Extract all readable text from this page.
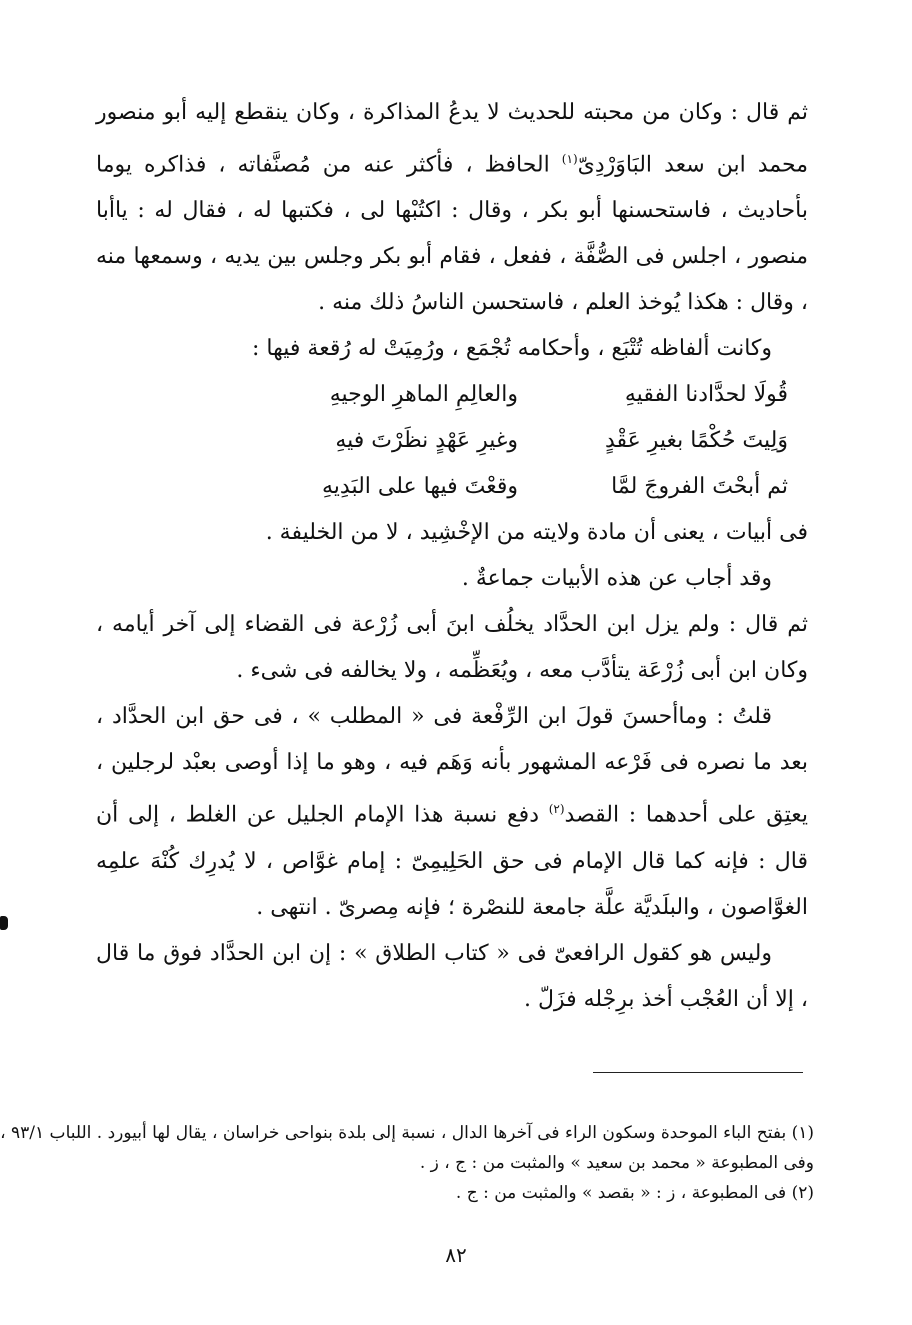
ثم قال : وكان من محبته للحديث لا يدعُ المذاكرة ، وكان ينقطع إليه أبو منصور محمد ابن سعد البَاوَرْدِىّ$^{(١)}$ الحافظ ، فأكثر عنه من مُصنَّفاته ، فذاكره يوما بأحاديث ، فاستحسنها أبو بكر ، وقال : اكتُبْها لى ، فكتبها له ، فقال له : ياأبا منصور ، اجلس فى الصُّفَّة ، ففعل ، فقام أبو بكر وجلس بين يديه ، وسمعها منه ، وقال : هكذا يُوخذ العلم ، فاستحسن الناسُ ذلك منه .

وكانت ألفاظه تُتْبَع ، وأحكامه تُجْمَع ، ورُمِيَتْ له رُقعة فيها :

قُولَا لحدَّادنا الفقيهِ
والعالِمِ الماهرِ الوجيهِ
وَلِيتَ حُكْمًا بغيرِ عَقْدٍ
وغيرِ عَهْدٍ نظَرْتَ فيهِ
ثم أبحْتَ الفروجَ لمَّا
وقعْتَ فيها على البَدِيهِ

فى أبيات ، يعنى أن مادة ولايته من الإخْشِيد ، لا من الخليفة .

وقد أجاب عن هذه الأبيات جماعةٌ .

ثم قال : ولم يزل ابن الحدَّاد يخلُف ابنَ أبى زُرْعة فى القضاء إلى آخر أيامه ، وكان ابن أبى زُرْعَة يتأدَّب معه ، ويُعَظِّمه ، ولا يخالفه فى شىء .

قلتُ : وماأحسنَ قولَ ابن الرِّفْعة فى « المطلب » ، فى حق ابن الحدَّاد ، بعد ما نصره فى فَرْعه المشهور بأنه وَهَم فيه ، وهو ما إذا أوصى بعبْد لرجلين ، يعتِق على أحدهما : القصد$^{(٢)}$ دفع نسبة هذا الإمام الجليل عن الغلط ، إلى أن قال : فإنه كما قال الإمام فى حق الحَلِيمِىّ : إمام غوَّاص ، لا يُدرِك كُنْهَ علمِه الغوَّاصون ، والبلَديَّة علَّة جامعة للنصْرة ؛ فإنه مِصرىّ . انتهى .

وليس هو كقول الرافعىّ فى « كتاب الطلاق » : إن ابن الحدَّاد فوق ما قال ، إلا أن العُجْب أخذ برِجْله فزَلّ .

(١) بفتح الباء الموحدة وسكون الراء فى آخرها الدال ، نسبة إلى بلدة بنواحى خراسان ، يقال لها أبيورد . اللباب ٩٣/١ ،

وفى المطبوعة « محمد بن سعيد » والمثبت من : ج ، ز .

(٢) فى المطبوعة ، ز : « بقصد » والمثبت من : ج .

٨٢
